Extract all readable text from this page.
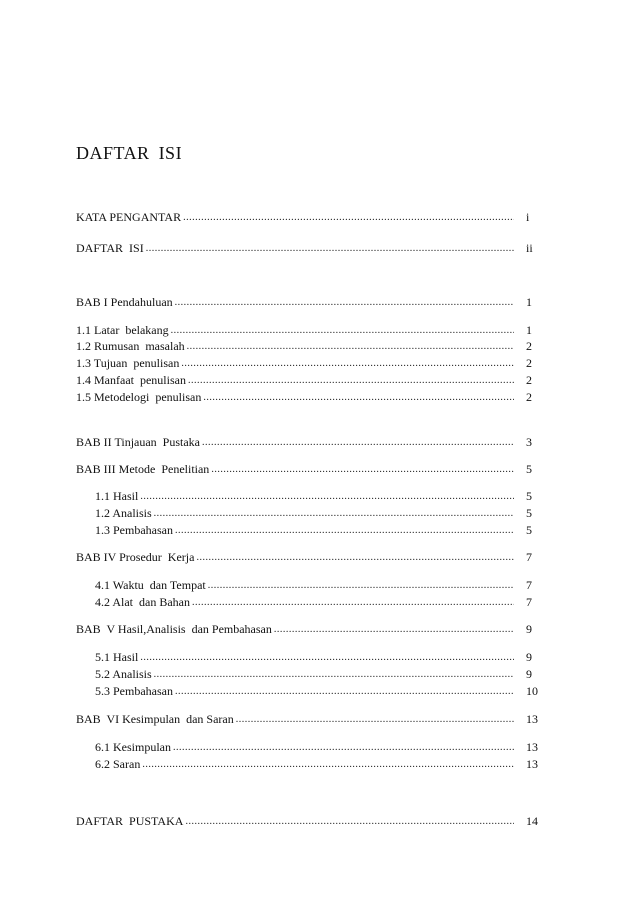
DAFTAR ISI
KATA PENGANTAR .....	i
DAFTAR  ISI .....	ii
BAB I Pendahuluan .....	1
1.1 Latar  belakang .....	1
1.2 Rumusan  masalah .....	2
1.3 Tujuan  penulisan .....	2
1.4 Manfaat  penulisan .....	2
1.5 Metodelogi  penulisan .....	2
BAB II Tinjauan  Pustaka .....	3
BAB III Metode  Penelitian .....	5
1.1 Hasil .....	5
1.2 Analisis .....	5
1.3 Pembahasan .....	5
BAB IV Prosedur  Kerja .....	7
4.1 Waktu  dan Tempat .....	7
4.2 Alat  dan Bahan .....	7
BAB  V Hasil,Analisis  dan Pembahasan .....	9
5.1 Hasil .....	9
5.2 Analisis .....	9
5.3 Pembahasan .....	10
BAB  VI Kesimpulan  dan Saran .....	13
6.1 Kesimpulan .....	13
6.2 Saran .....	13
DAFTAR  PUSTAKA .....	14
